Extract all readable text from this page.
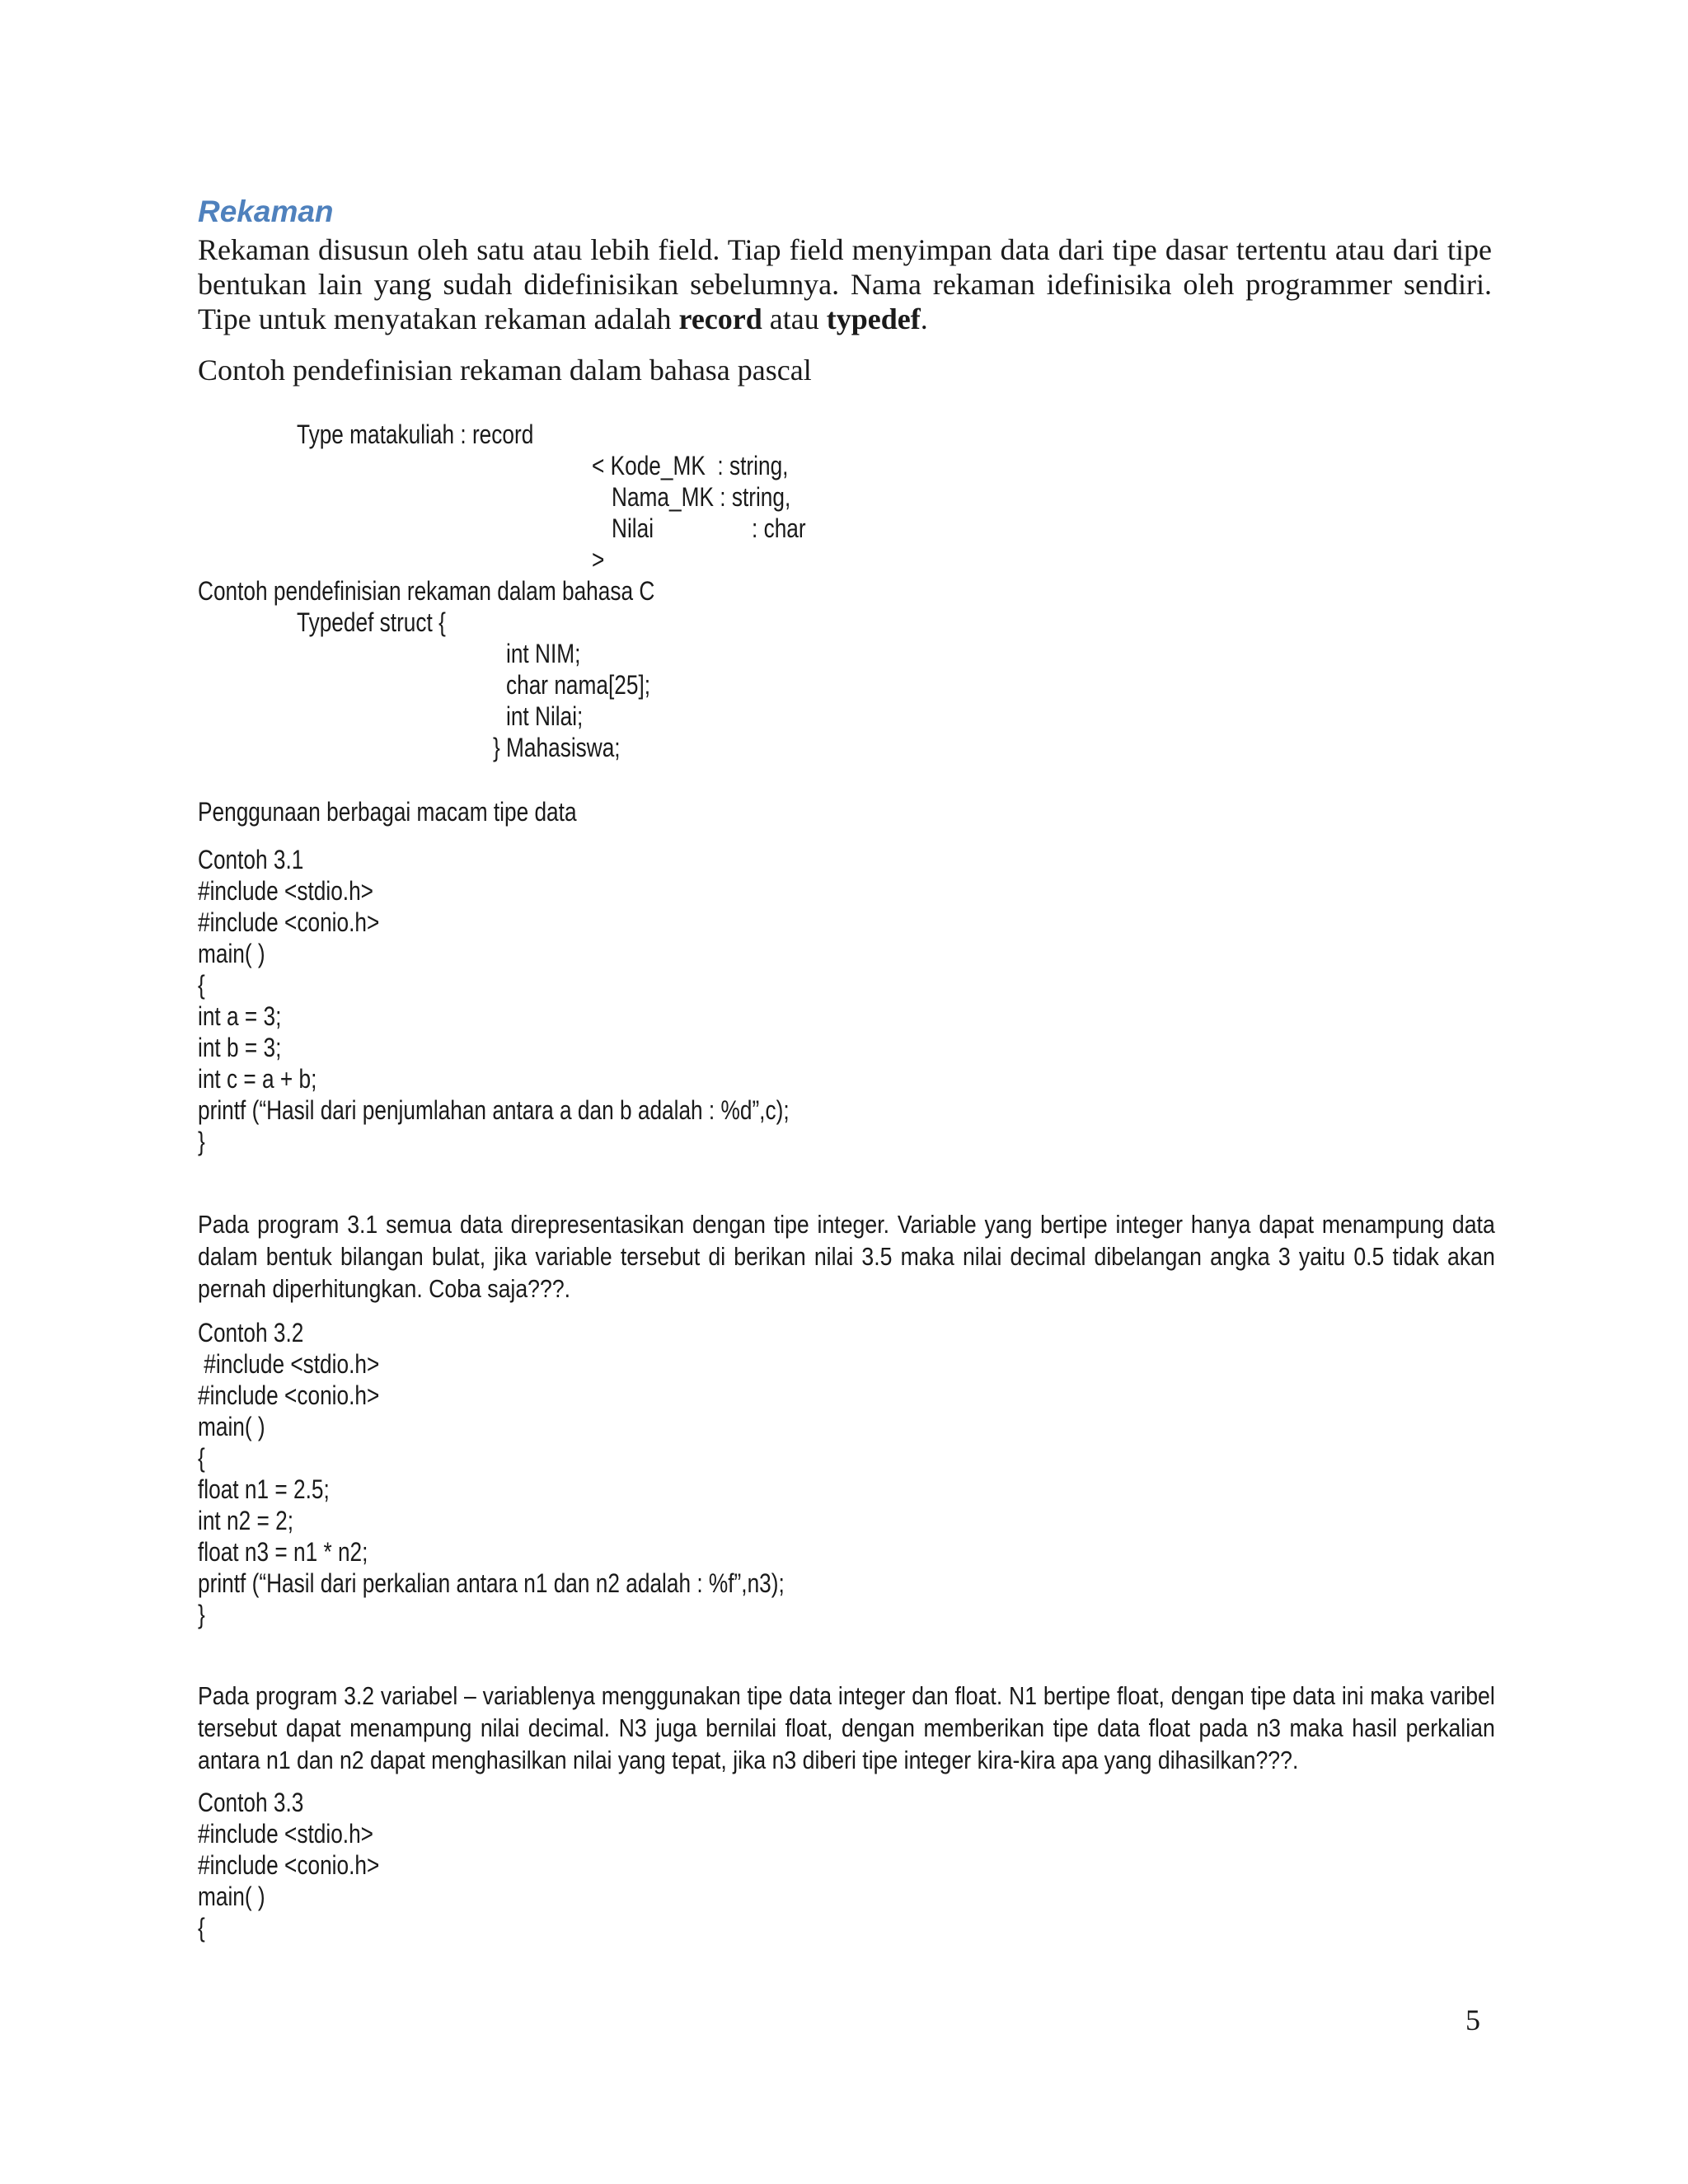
Rekaman
Rekaman disusun oleh satu atau lebih field. Tiap field menyimpan data dari tipe dasar tertentu atau dari tipe bentukan lain yang sudah didefinisikan sebelumnya. Nama rekaman idefinisika oleh programmer sendiri. Tipe untuk menyatakan rekaman adalah record atau typedef.
Contoh pendefinisian rekaman dalam bahasa pascal
Type matakuliah : record
< Kode_MK  : string,
Nama_MK : string,
Nilai	: char
>
Contoh pendefinisian rekaman dalam bahasa C
Typedef struct {
int NIM;
char nama[25];
int Nilai;
} Mahasiswa;
Penggunaan berbagai macam tipe data
Contoh 3.1
#include <stdio.h>
#include <conio.h>
main( )
{
int a = 3;
int b = 3;
int c = a + b;
printf (“Hasil dari penjumlahan antara a dan b adalah : %d”,c);
}
Pada program 3.1 semua data direpresentasikan dengan tipe integer. Variable yang bertipe integer hanya dapat menampung data dalam bentuk bilangan bulat, jika variable tersebut di berikan nilai 3.5 maka nilai decimal dibelangan angka 3 yaitu 0.5 tidak akan pernah diperhitungkan. Coba saja???.
Contoh 3.2
#include <stdio.h>
#include <conio.h>
main( )
{
float n1 = 2.5;
int n2 = 2;
float n3 = n1 * n2;
printf (“Hasil dari perkalian antara n1 dan n2 adalah : %f”,n3);
}
Pada program 3.2 variabel – variablenya menggunakan tipe data integer dan float. N1 bertipe float, dengan tipe data ini maka varibel tersebut dapat menampung nilai decimal. N3 juga bernilai float, dengan memberikan tipe data float pada n3 maka hasil perkalian antara n1 dan n2 dapat menghasilkan nilai yang tepat, jika n3 diberi tipe integer kira-kira apa yang dihasilkan???.
Contoh 3.3
#include <stdio.h>
#include <conio.h>
main( )
{
5
